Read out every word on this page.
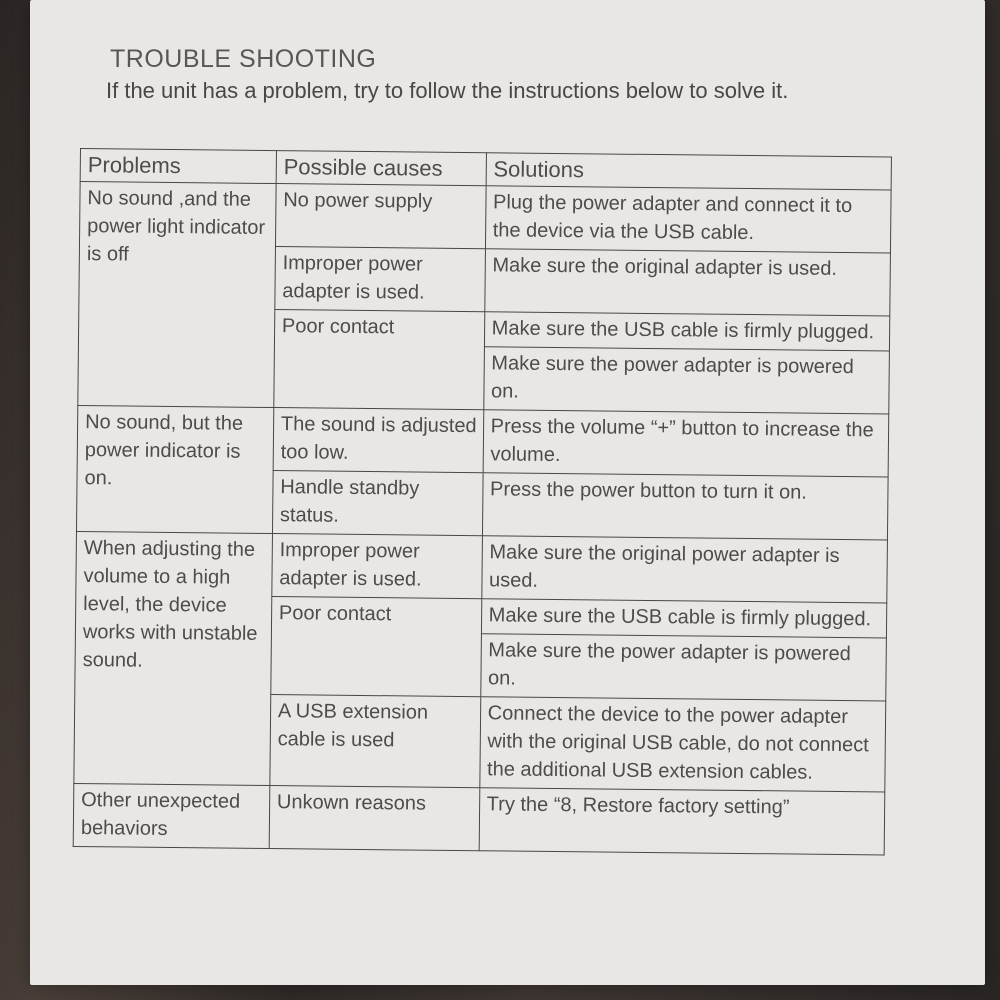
TROUBLE SHOOTING

If the unit has a problem, try to follow the instructions below to solve it.

Problems	Possible causes	Solutions
No sound ,and the power light indicator is off	No power supply	Plug the power adapter and connect it to the device via the USB cable.
	Improper power adapter is used.	Make sure the original adapter is used.
	Poor contact	Make sure the USB cable is firmly plugged.
		Make sure the power adapter is powered on.
No sound, but the power indicator is on.	The sound is adjusted too low.	Press the volume “+” button to increase the volume.
	Handle standby status.	Press the power button to turn it on.
When adjusting the volume to a high level, the device works with unstable sound.	Improper power adapter is used.	Make sure the original power adapter is used.
	Poor contact	Make sure the USB cable is firmly plugged.
		Make sure the power adapter is powered on.
	A USB extension cable is used	Connect the device to the power adapter with the original USB cable, do not connect the additional USB extension cables.
Other unexpected behaviors	Unkown reasons	Try the “8, Restore factory setting”
